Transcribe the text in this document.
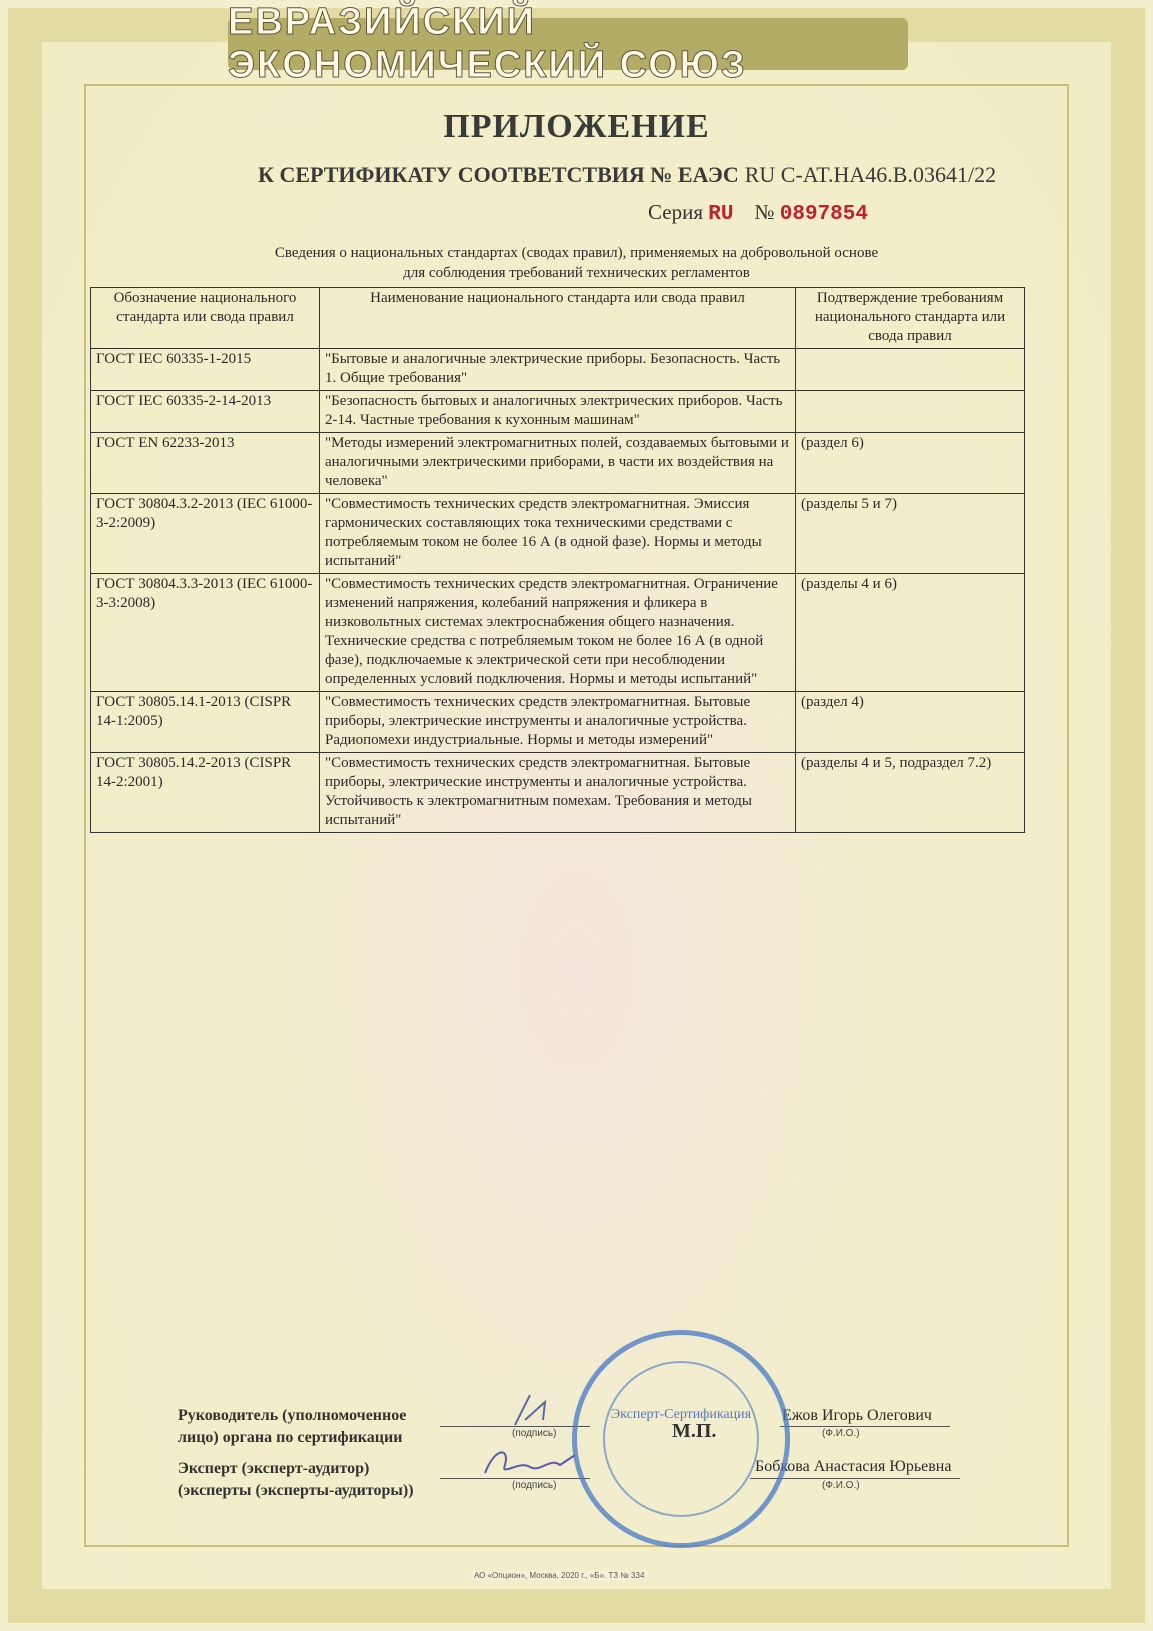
ЕВРАЗИЙСКИЙ ЭКОНОМИЧЕСКИЙ СОЮЗ
ПРИЛОЖЕНИЕ
К СЕРТИФИКАТУ СООТВЕТСТВИЯ № ЕАЭС RU С-AT.НА46.В.03641/22
Серия RU № 0897854
Сведения о национальных стандартах (сводах правил), применяемых на добровольной основе
для соблюдения требований технических регламентов
Обозначение национального стандарта или свода правил	Наименование национального стандарта или свода правил	Подтверждение требованиям национального стандарта или свода правил
ГОСТ IEC 60335-1-2015	"Бытовые и аналогичные электрические приборы. Безопасность. Часть 1. Общие требования"	
ГОСТ IEC 60335-2-14-2013	"Безопасность бытовых и аналогичных электрических приборов. Часть 2-14. Частные требования к кухонным машинам"	
ГОСТ EN 62233-2013	"Методы измерений электромагнитных полей, создаваемых бытовыми и аналогичными электрическими приборами, в части их воздействия на человека"	(раздел 6)
ГОСТ 30804.3.2-2013 (IEC 61000-3-2:2009)	"Совместимость технических средств электромагнитная. Эмиссия гармонических составляющих тока техническими средствами с потребляемым током не более 16 А (в одной фазе). Нормы и методы испытаний"	(разделы 5 и 7)
ГОСТ 30804.3.3-2013 (IEC 61000-3-3:2008)	"Совместимость технических средств электромагнитная. Ограничение изменений напряжения, колебаний напряжения и фликера в низковольтных системах электроснабжения общего назначения. Технические средства с потребляемым током не более 16 А (в одной фазе), подключаемые к электрической сети при несоблюдении определенных условий подключения. Нормы и методы испытаний"	(разделы 4 и 6)
ГОСТ 30805.14.1-2013 (CISPR 14-1:2005)	"Совместимость технических средств электромагнитная. Бытовые приборы, электрические инструменты и аналогичные устройства. Радиопомехи индустриальные. Нормы и методы измерений"	(раздел 4)
ГОСТ 30805.14.2-2013 (CISPR 14-2:2001)	"Совместимость технических средств электромагнитная. Бытовые приборы, электрические инструменты и аналогичные устройства. Устойчивость к электромагнитным помехам. Требования и методы испытаний"	(разделы 4 и 5, подраздел 7.2)
Руководитель (уполномоченное
лицо) органа по сертификации
Эксперт (эксперт-аудитор)
(эксперты (эксперты-аудиторы))
(подпись)
(подпись)
Ежов Игорь Олегович
Бобкова Анастасия Юрьевна
(Ф.И.О.)
(Ф.И.О.)
Эксперт-Сертификация
М.П.
АО «Опцион», Москва, 2020 г., «Б». ТЗ № 334
